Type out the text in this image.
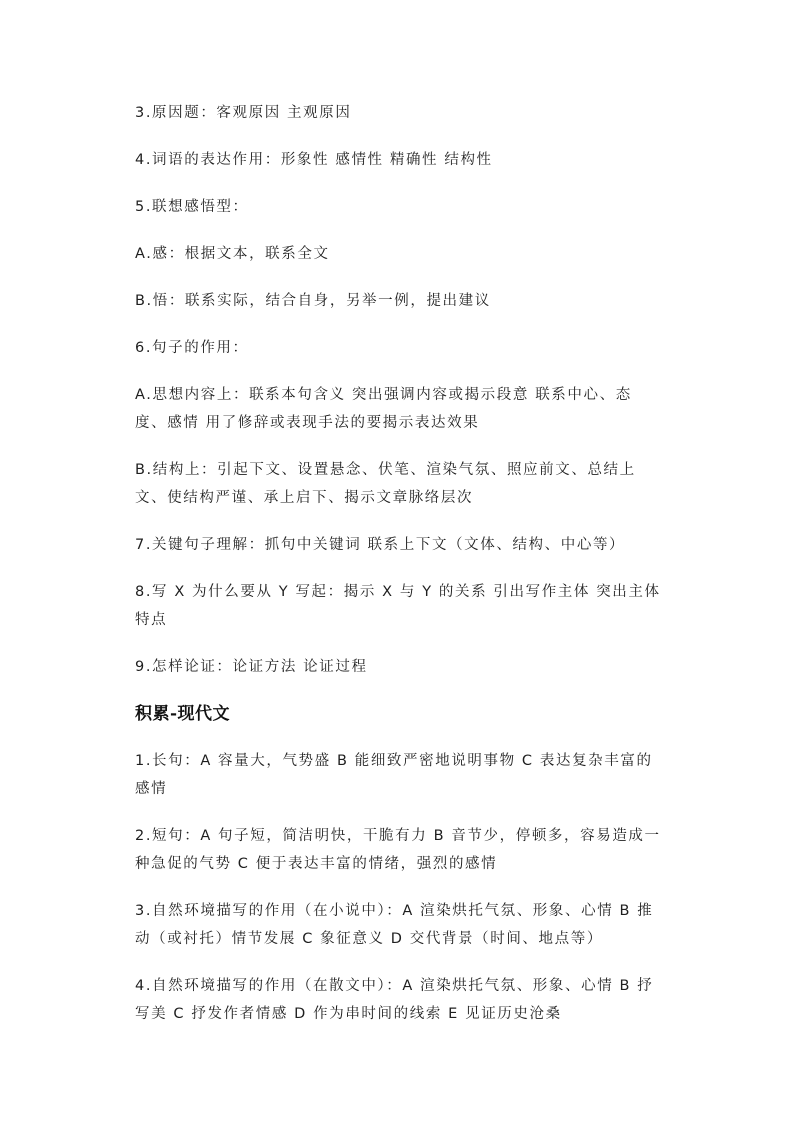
3.原因题：客观原因 主观原因

4.词语的表达作用：形象性 感情性 精确性 结构性

5.联想感悟型：

A.感：根据文本，联系全文

B.悟：联系实际，结合自身，另举一例，提出建议

6.句子的作用：

A.思想内容上：联系本句含义 突出强调内容或揭示段意 联系中心、态度、感情 用了修辞或表现手法的要揭示表达效果

B.结构上：引起下文、设置悬念、伏笔、渲染气氛、照应前文、总结上文、使结构严谨、承上启下、揭示文章脉络层次

7.关键句子理解：抓句中关键词 联系上下文（文体、结构、中心等）

8.写 X 为什么要从 Y 写起：揭示 X 与 Y 的关系 引出写作主体 突出主体特点

9.怎样论证：论证方法 论证过程

积累-现代文

1.长句：A 容量大，气势盛 B 能细致严密地说明事物 C 表达复杂丰富的感情

2.短句：A 句子短，简洁明快，干脆有力 B 音节少，停顿多，容易造成一种急促的气势 C 便于表达丰富的情绪，强烈的感情

3.自然环境描写的作用（在小说中）：A 渲染烘托气氛、形象、心情 B 推动（或衬托）情节发展 C 象征意义 D 交代背景（时间、地点等）

4.自然环境描写的作用（在散文中）：A 渲染烘托气氛、形象、心情 B 抒写美 C 抒发作者情感 D 作为串时间的线索 E 见证历史沧桑
